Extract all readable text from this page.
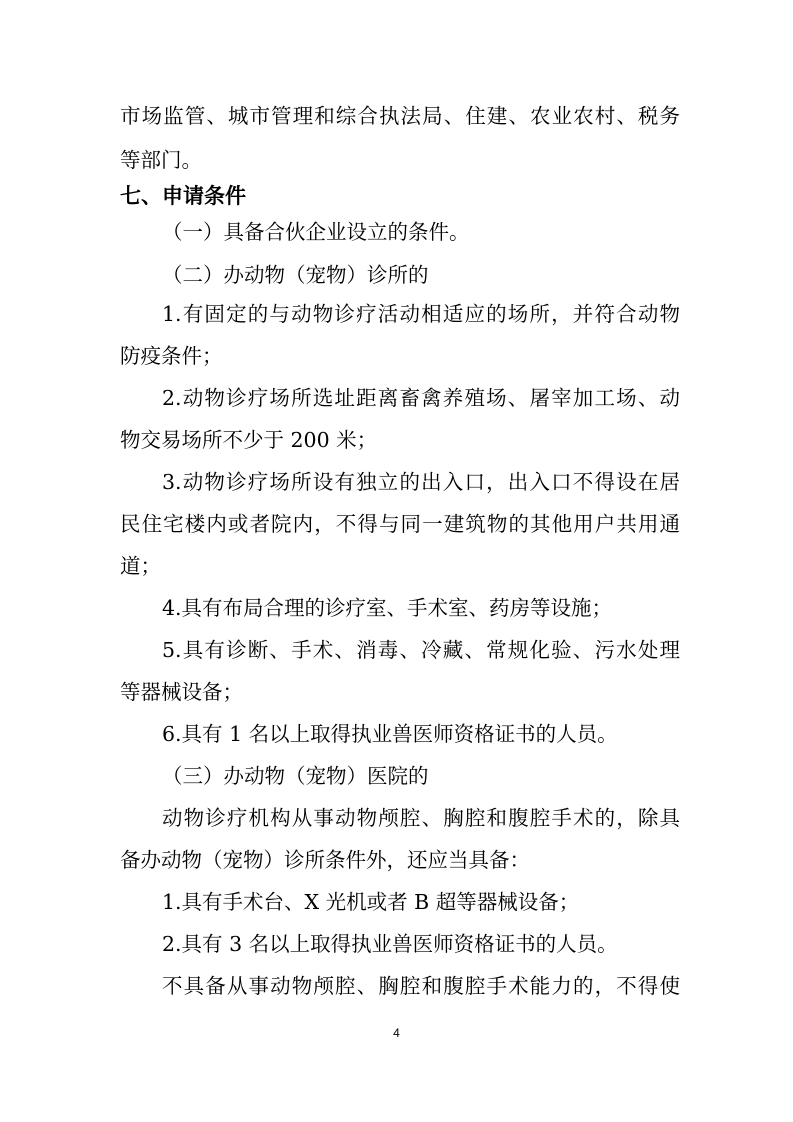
市场监管、城市管理和综合执法局、住建、农业农村、税务
等部门。
七、申请条件
（一）具备合伙企业设立的条件。
（二）办动物（宠物）诊所的
1.有固定的与动物诊疗活动相适应的场所，并符合动物
防疫条件；
2.动物诊疗场所选址距离畜禽养殖场、屠宰加工场、动
物交易场所不少于 200 米；
3.动物诊疗场所设有独立的出入口，出入口不得设在居
民住宅楼内或者院内，不得与同一建筑物的其他用户共用通
道；
4.具有布局合理的诊疗室、手术室、药房等设施；
5.具有诊断、手术、消毒、冷藏、常规化验、污水处理
等器械设备；
6.具有 1 名以上取得执业兽医师资格证书的人员。
（三）办动物（宠物）医院的
动物诊疗机构从事动物颅腔、胸腔和腹腔手术的，除具
备办动物（宠物）诊所条件外，还应当具备：
1.具有手术台、X 光机或者 B 超等器械设备；
2.具有 3 名以上取得执业兽医师资格证书的人员。
不具备从事动物颅腔、胸腔和腹腔手术能力的，不得使
4
